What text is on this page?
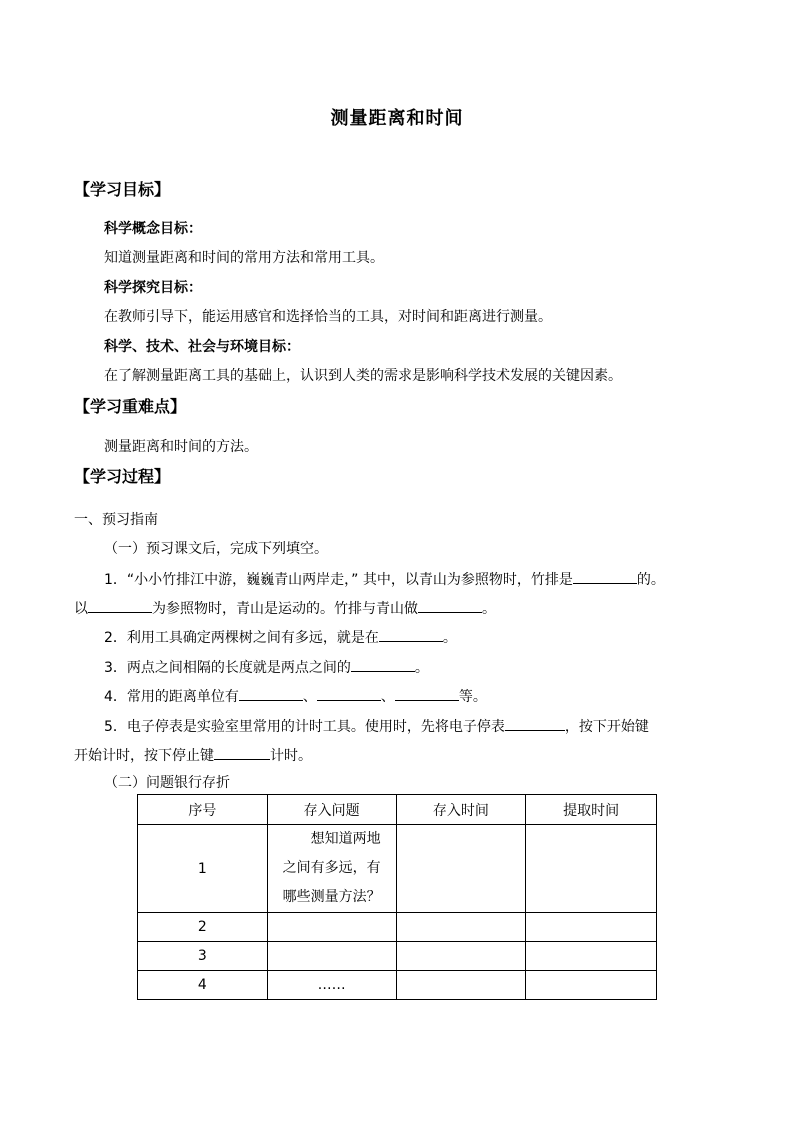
测量距离和时间
【学习目标】
科学概念目标：
知道测量距离和时间的常用方法和常用工具。
科学探究目标：
在教师引导下，能运用感官和选择恰当的工具，对时间和距离进行测量。
科学、技术、社会与环境目标：
在了解测量距离工具的基础上，认识到人类的需求是影响科学技术发展的关键因素。
【学习重难点】
测量距离和时间的方法。
【学习过程】
一、预习指南
（一）预习课文后，完成下列填空。
1．“小小竹排江中游，巍巍青山两岸走，” 其中，以青山为参照物时，竹排是	的。
以	为参照物时，青山是运动的。竹排与青山做	。
2．利用工具确定两棵树之间有多远，就是在	。
3．两点之间相隔的长度就是两点之间的	。
4．常用的距离单位有	、	、	等。
5．电子停表是实验室里常用的计时工具。使用时，先将电子停表	，按下开始键
开始计时，按下停止键	计时。
（二）问题银行存折
序号	存入问题	存入时间	提取时间
1	想知道两地
之间有多远，有
哪些测量方法？		

2			
3			
4	……		
